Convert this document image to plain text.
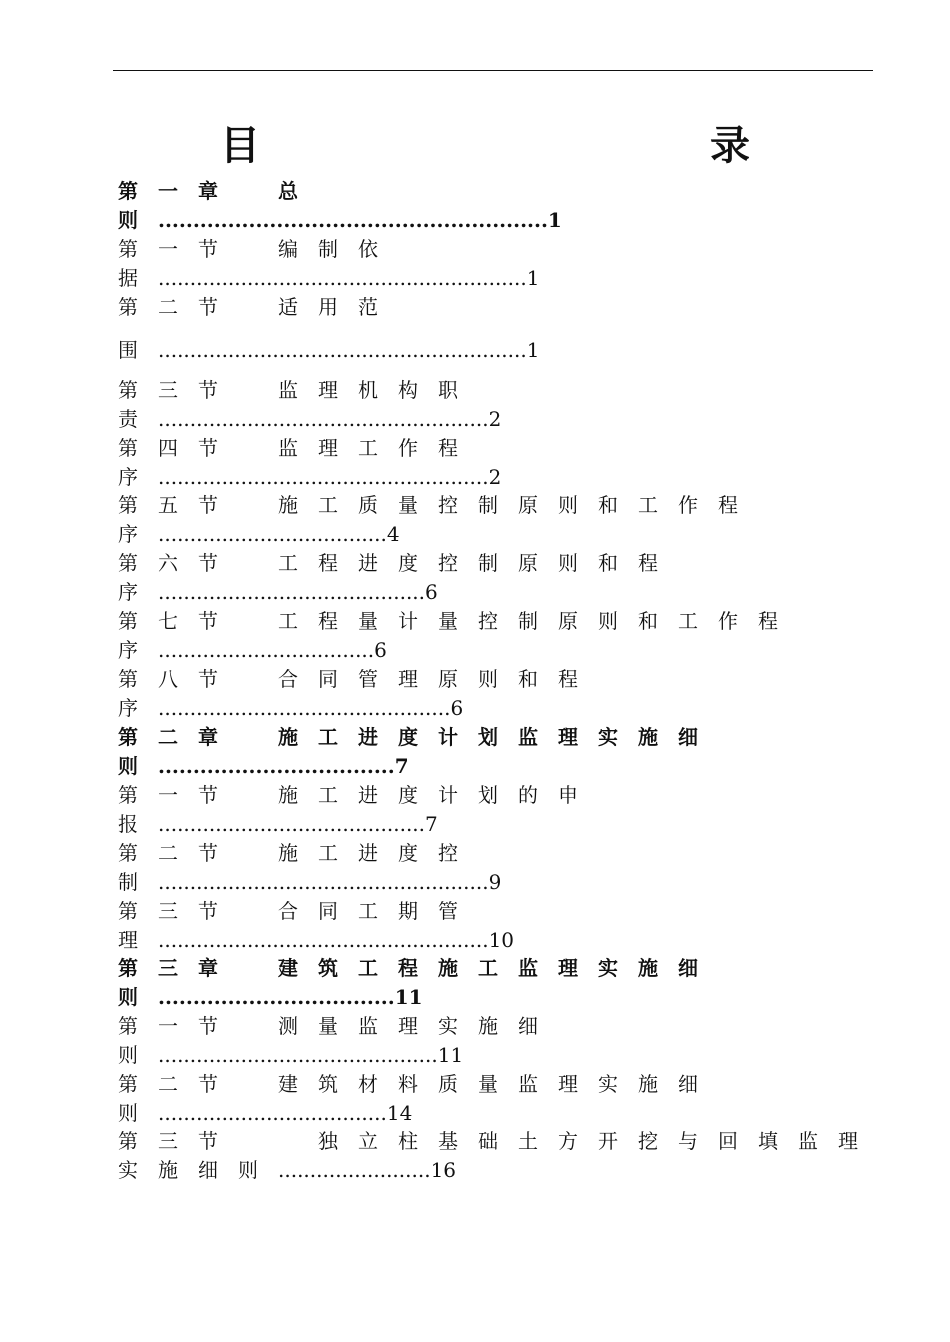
目	录
第　一　章　　　总
则　........................................................1
第　一　节　　　编　制　依
据　..........................................................1
第　二　节　　　适　用　范
围　..........................................................1
第　三　节　　　监　理　机　构　职
责　....................................................2
第　四　节　　　监　理　工　作　程
序　....................................................2
第　五　节　　　施　工　质　量　控　制　原　则　和　工　作　程
序　....................................4
第　六　节　　　工　程　进　度　控　制　原　则　和　程
序　..........................................6
第　七　节　　　工　程　量　计　量　控　制　原　则　和　工　作　程
序　..................................6
第　八　节　　　合　同　管　理　原　则　和　程
序　..............................................6
第　二　章　　　施　工　进　度　计　划　监　理　实　施　细
则　..................................7
第　一　节　　　施　工　进　度　计　划　的　申
报　..........................................7
第　二　节　　　施　工　进　度　控
制　....................................................9
第　三　节　　　合　同　工　期　管
理　....................................................10
第　三　章　　　建　筑　工　程　施　工　监　理　实　施　细
则　..................................11
第　一　节　　　测　量　监　理　实　施　细
则　............................................11
第　二　节　　　建　筑　材　料　质　量　监　理　实　施　细
则　....................................14
第　三　节　　　　　独　立　柱　基　础　土　方　开　挖　与　回　填　监　理
实　施　细　则　........................16
